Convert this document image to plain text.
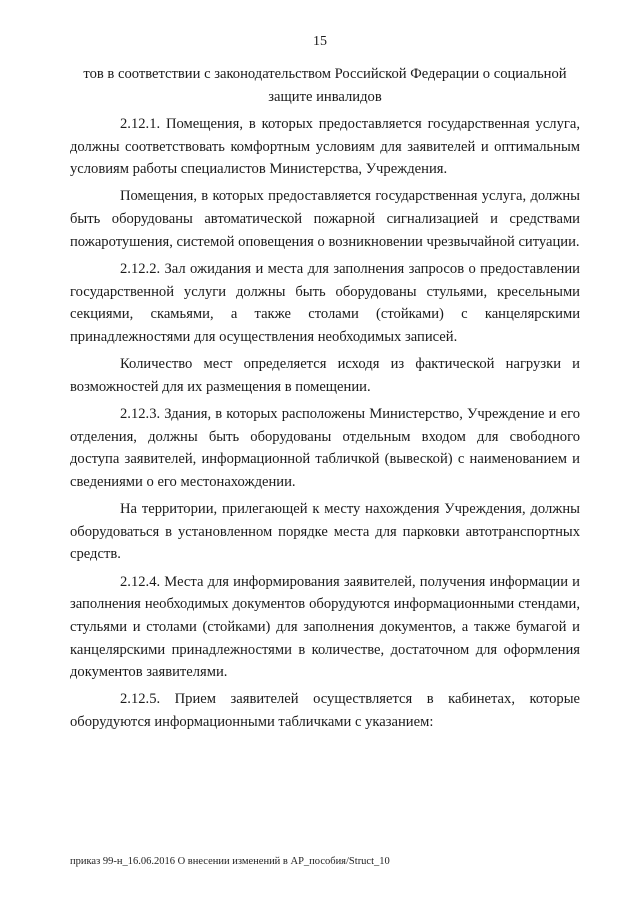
15

тов в соответствии с законодательством Российской Федерации о социальной защите инвалидов

2.12.1. Помещения, в которых предоставляется государственная услуга, должны соответствовать комфортным условиям для заявителей и оптимальным условиям работы специалистов Министерства, Учреждения.

Помещения, в которых предоставляется государственная услуга, должны быть оборудованы автоматической пожарной сигнализацией и средствами пожаротушения, системой оповещения о возникновении чрезвычайной ситуации.

2.12.2. Зал ожидания и места для заполнения запросов о предоставлении государственной услуги должны быть оборудованы стульями, кресельными секциями, скамьями, а также столами (стойками) с канцелярскими принадлежностями для осуществления необходимых записей.

Количество мест определяется исходя из фактической нагрузки и возможностей для их размещения в помещении.

2.12.3. Здания, в которых расположены Министерство, Учреждение и его отделения, должны быть оборудованы отдельным входом для свободного доступа заявителей, информационной табличкой (вывеской) с наименованием и сведениями о его местонахождении.

На территории, прилегающей к месту нахождения Учреждения, должны оборудоваться в установленном порядке места для парковки автотранспортных средств.

2.12.4. Места для информирования заявителей, получения информации и заполнения необходимых документов оборудуются информационными стендами, стульями и столами (стойками) для заполнения документов, а также бумагой и канцелярскими принадлежностями в количестве, достаточном для оформления документов заявителями.

2.12.5. Прием заявителей осуществляется в кабинетах, которые оборудуются информационными табличками с указанием:

приказ 99-н_16.06.2016 О внесении изменений в АР_пособия/Struct_10
